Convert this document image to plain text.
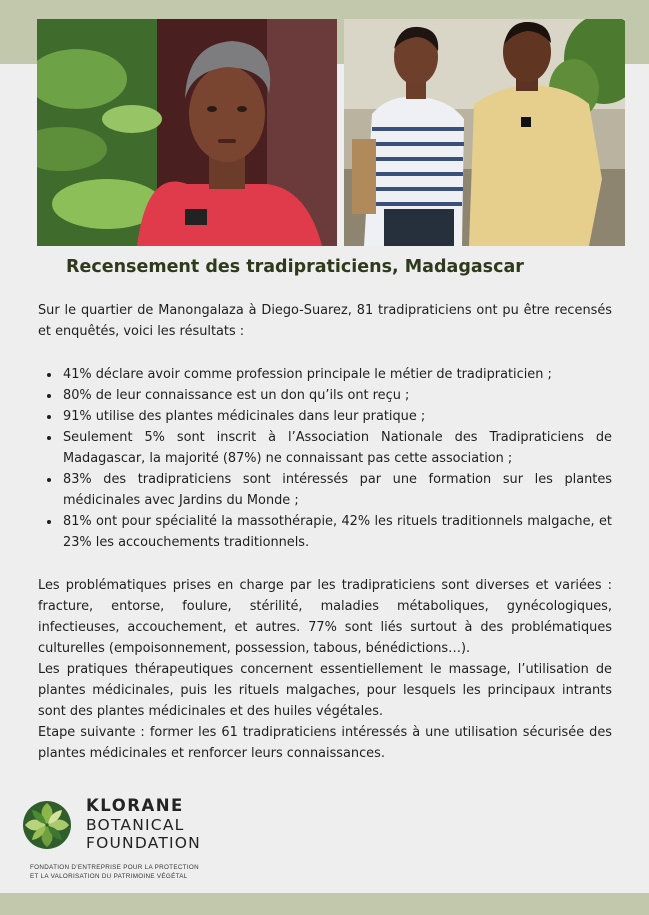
Recensement des tradipraticiens, Madagascar

Sur le quartier de Manongalaza à Diego-Suarez, 81 tradipraticiens ont pu être recensés et enquêtés, voici les résultats :

• 41% déclare avoir comme profession principale le métier de tradipraticien ;
• 80% de leur connaissance est un don qu’ils ont reçu ;
• 91% utilise des plantes médicinales dans leur pratique ;
• Seulement 5% sont inscrit à l’Association Nationale des Tradipraticiens de Madagascar, la majorité (87%) ne connaissant pas cette association ;
• 83% des tradipraticiens sont intéressés par une formation sur les plantes médicinales avec Jardins du Monde ;
• 81% ont pour spécialité la massothérapie, 42% les rituels traditionnels malgache, et 23% les accouchements traditionnels.

Les problématiques prises en charge par les tradipraticiens sont diverses et variées : fracture, entorse, foulure, stérilité, maladies métaboliques, gynécologiques, infectieuses, accouchement, et autres. 77% sont liés surtout à des problématiques culturelles (empoisonnement, possession, tabous, bénédictions…).

Les pratiques thérapeutiques concernent essentiellement le massage, l’utilisation de plantes médicinales, puis les rituels malgaches, pour lesquels les principaux intrants sont des plantes médicinales et des huiles végétales.

Etape suivante : former les 61 tradipraticiens intéressés à une utilisation sécurisée des plantes médicinales et renforcer leurs connaissances.

KLORANE
BOTANICAL
FOUNDATION
FONDATION D’ENTREPRISE POUR LA PROTECTION
ET LA VALORISATION DU PATRIMOINE VÉGÉTAL
